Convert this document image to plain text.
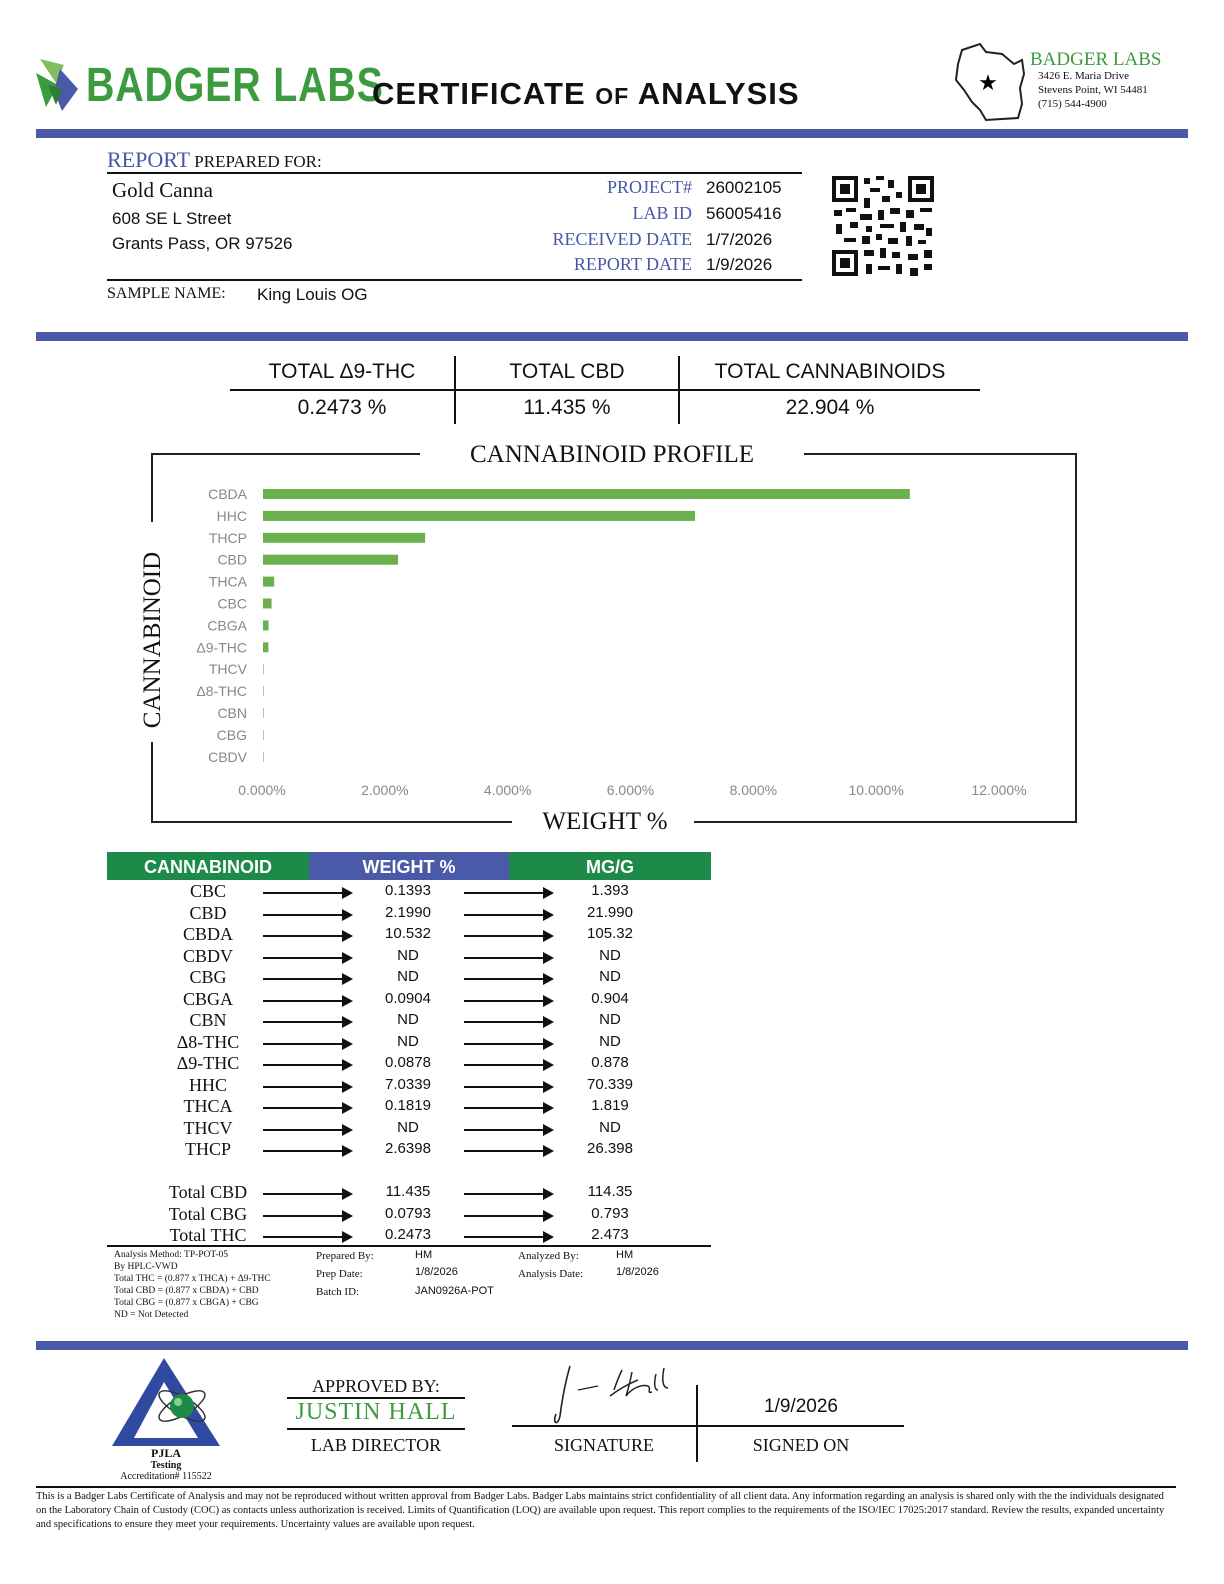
BADGER LABS
CERTIFICATE OF ANALYSIS	★
BADGER LABS
3426 E. Maria Drive
Stevens Point, WI 54481
(715) 544-4900
REPORT PREPARED FOR:
Gold Canna
608 SE L Street
Grants Pass, OR 97526
PROJECT# 26002105
LAB ID 56005416
RECEIVED DATE 1/7/2026
REPORT DATE 1/9/2026
SAMPLE NAME: King Louis OG
TOTAL Δ9-THC	TOTAL CBD	TOTAL CANNABINOIDS
0.2473 %	11.435 %	22.904 %
CANNABINOID PROFILE
WEIGHT %
CANNABINOID
CBDA
HHC
THCP
CBD
THCA
CBC
CBGA
Δ9-THC
THCV
Δ8-THC
CBN
CBG
CBDV
0.000%	2.000%	4.000%	6.000%	8.000%	10.000%	12.000%
CANNABINOID	WEIGHT %	MG/G
CBC	0.1393	1.393
CBD	2.1990	21.990
CBDA	10.532	105.32
CBDV	ND	ND
CBG	ND	ND
CBGA	0.0904	0.904
CBN	ND	ND
Δ8-THC	ND	ND
Δ9-THC	0.0878	0.878
HHC	7.0339	70.339
THCA	0.1819	1.819
THCV	ND	ND
THCP	2.6398	26.398
Total CBD	11.435	114.35
Total CBG	0.0793	0.793
Total THC	0.2473	2.473
Analysis Method: TP-POT-05
By HPLC-VWD
Total THC = (0.877 x THCA) + Δ9-THC
Total CBD = (0.877 x CBDA) + CBD
Total CBG = (0.877 x CBGA) + CBG
ND = Not Detected
Prepared By:	HM
Prep Date:	1/8/2026
Batch ID:	JAN0926A-POT
Analyzed By:	HM
Analysis Date:	1/8/2026
PJLA
Testing
Accreditation# 115522
APPROVED BY:
JUSTIN HALL
LAB DIRECTOR	SIGNATURE
1/9/2026
SIGNED ON
This is a Badger Labs Certificate of Analysis and may not be reproduced without written approval from Badger Labs. Badger Labs maintains strict confidentiality of all client data. Any information regarding an analysis is shared only with the the individuals designated on the Laboratory Chain of Custody (COC) as contacts unless authorization is received. Limits of Quantification (LOQ) are available upon request. This report complies to the requirements of the ISO/IEC 17025:2017 standard. Review the results, expanded uncertainty and specifications to ensure they meet your requirements. Uncertainty values are available upon request.
